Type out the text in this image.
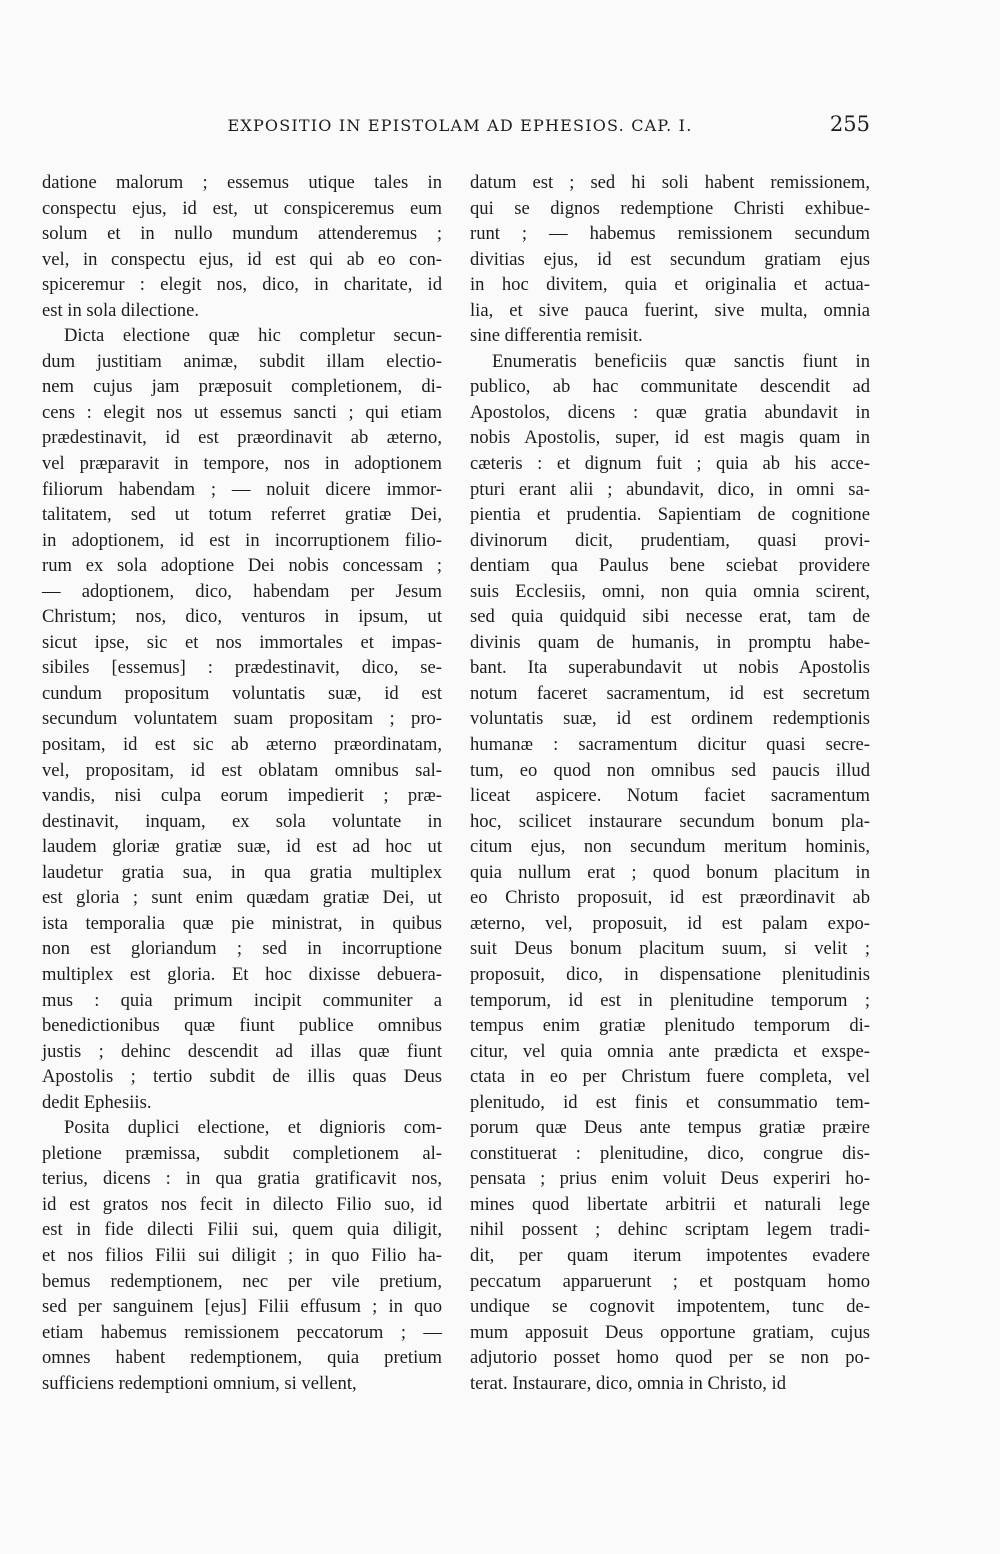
EXPOSITIO IN EPISTOLAM AD EPHESIOS. CAP. I.	255
datione malorum ; essemus utique tales in
conspectu ejus, id est, ut conspiceremus eum
solum et in nullo mundum attenderemus ;
vel, in conspectu ejus, id est qui ab eo con-
spiceremur : elegit nos, dico, in charitate, id
est in sola dilectione.
Dicta electione quæ hic completur secun-
dum justitiam animæ, subdit illam electio-
nem cujus jam præposuit completionem, di-
cens : elegit nos ut essemus sancti ; qui etiam
prædestinavit, id est præordinavit ab æterno,
vel præparavit in tempore, nos in adoptionem
filiorum habendam ; — noluit dicere immor-
talitatem, sed ut totum referret gratiæ Dei,
in adoptionem, id est in incorruptionem filio-
rum ex sola adoptione Dei nobis concessam ;
— adoptionem, dico, habendam per Jesum
Christum; nos, dico, venturos in ipsum, ut
sicut ipse, sic et nos immortales et impas-
sibiles [essemus] : prædestinavit, dico, se-
cundum propositum voluntatis suæ, id est
secundum voluntatem suam propositam ; pro-
positam, id est sic ab æterno præordinatam,
vel, propositam, id est oblatam omnibus sal-
vandis, nisi culpa eorum impedierit ; præ-
destinavit, inquam, ex sola voluntate in
laudem gloriæ gratiæ suæ, id est ad hoc ut
laudetur gratia sua, in qua gratia multiplex
est gloria ; sunt enim quædam gratiæ Dei, ut
ista temporalia quæ pie ministrat, in quibus
non est gloriandum ; sed in incorruptione
multiplex est gloria. Et hoc dixisse debuera-
mus : quia primum incipit communiter a
benedictionibus quæ fiunt publice omnibus
justis ; dehinc descendit ad illas quæ fiunt
Apostolis ; tertio subdit de illis quas Deus
dedit Ephesiis.
Posita duplici electione, et dignioris com-
pletione præmissa, subdit completionem al-
terius, dicens : in qua gratia gratificavit nos,
id est gratos nos fecit in dilecto Filio suo, id
est in fide dilecti Filii sui, quem quia diligit,
et nos filios Filii sui diligit ; in quo Filio ha-
bemus redemptionem, nec per vile pretium,
sed per sanguinem [ejus] Filii effusum ; in quo
etiam habemus remissionem peccatorum ; —
omnes habent redemptionem, quia pretium
sufficiens redemptioni omnium, si vellent,
datum est ; sed hi soli habent remissionem,
qui se dignos redemptione Christi exhibue-
runt ; — habemus remissionem secundum
divitias ejus, id est secundum gratiam ejus
in hoc divitem, quia et originalia et actua-
lia, et sive pauca fuerint, sive multa, omnia
sine differentia remisit.
Enumeratis beneficiis quæ sanctis fiunt in
publico, ab hac communitate descendit ad
Apostolos, dicens : quæ gratia abundavit in
nobis Apostolis, super, id est magis quam in
cæteris : et dignum fuit ; quia ab his acce-
pturi erant alii ; abundavit, dico, in omni sa-
pientia et prudentia. Sapientiam de cognitione
divinorum dicit, prudentiam, quasi provi-
dentiam qua Paulus bene sciebat providere
suis Ecclesiis, omni, non quia omnia scirent,
sed quia quidquid sibi necesse erat, tam de
divinis quam de humanis, in promptu habe-
bant. Ita superabundavit ut nobis Apostolis
notum faceret sacramentum, id est secretum
voluntatis suæ, id est ordinem redemptionis
humanæ : sacramentum dicitur quasi secre-
tum, eo quod non omnibus sed paucis illud
liceat aspicere. Notum faciet sacramentum
hoc, scilicet instaurare secundum bonum pla-
citum ejus, non secundum meritum hominis,
quia nullum erat ; quod bonum placitum in
eo Christo proposuit, id est præordinavit ab
æterno, vel, proposuit, id est palam expo-
suit Deus bonum placitum suum, si velit ;
proposuit, dico, in dispensatione plenitudinis
temporum, id est in plenitudine temporum ;
tempus enim gratiæ plenitudo temporum di-
citur, vel quia omnia ante prædicta et exspe-
ctata in eo per Christum fuere completa, vel
plenitudo, id est finis et consummatio tem-
porum quæ Deus ante tempus gratiæ præire
constituerat : plenitudine, dico, congrue dis-
pensata ; prius enim voluit Deus experiri ho-
mines quod libertate arbitrii et naturali lege
nihil possent ; dehinc scriptam legem tradi-
dit, per quam iterum impotentes evadere
peccatum apparuerunt ; et postquam homo
undique se cognovit impotentem, tunc de-
mum apposuit Deus opportune gratiam, cujus
adjutorio posset homo quod per se non po-
terat. Instaurare, dico, omnia in Christo, id
